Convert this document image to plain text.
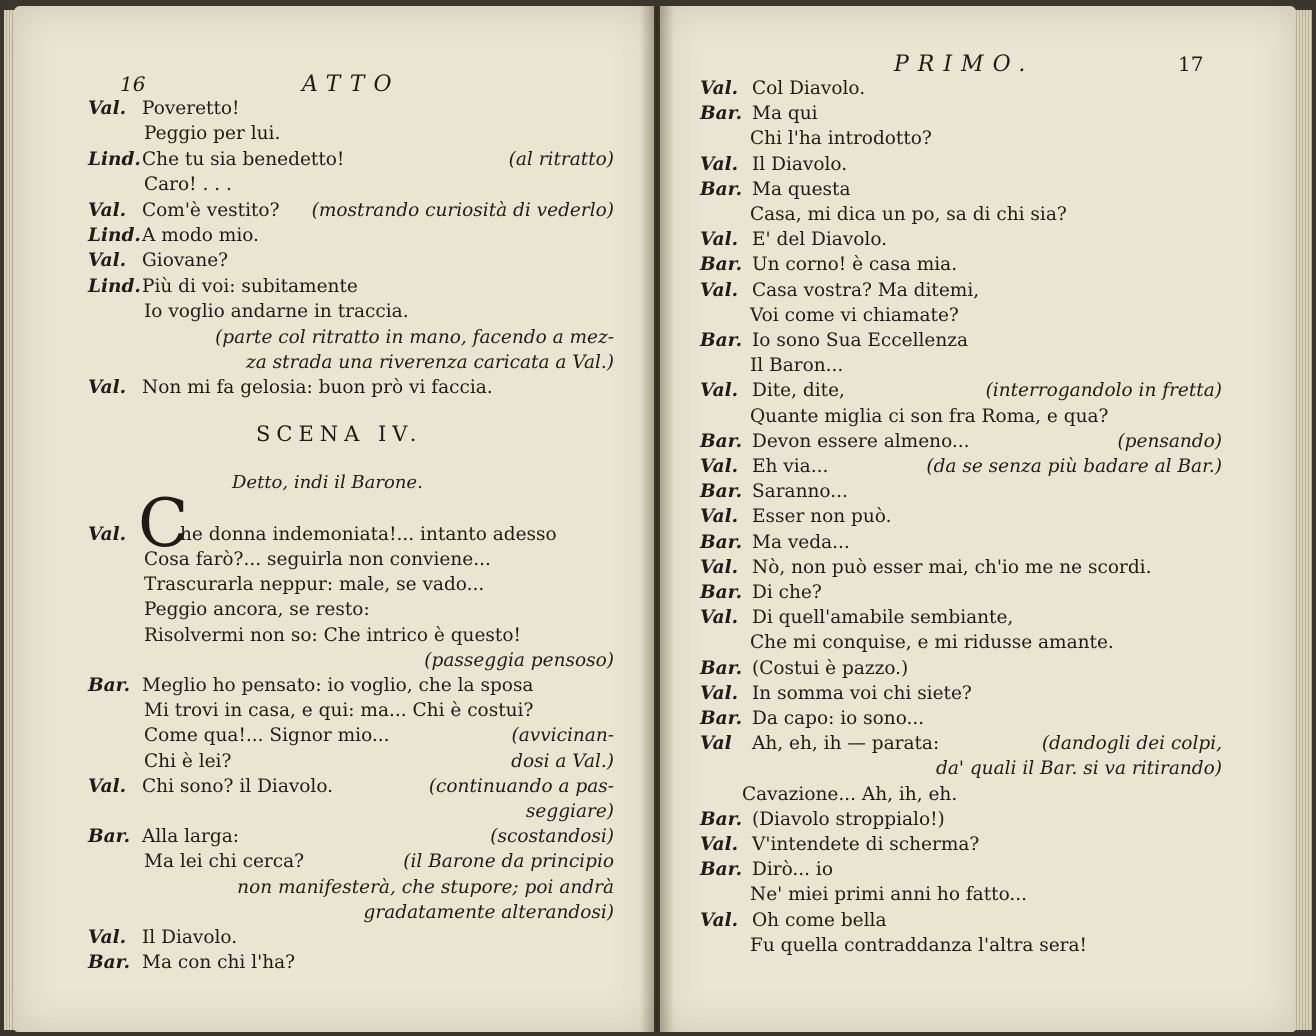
16	ATTO
Val. Poveretto!
Peggio per lui.
Lind. Che tu sia benedetto!	(al ritratto)
Caro! . . .
Val. Com'è vestito? (mostrando curiosità di vederlo)
Lind. A modo mio.
Val. Giovane?
Lind. Più di voi: subitamente
Io voglio andarne in traccia.
(parte col ritratto in mano, facendo a mez-
za strada una riverenza caricata a Val.)
Val. Non mi fa gelosia: buon prò vi faccia.
SCENA IV.
Detto, indi il Barone.
Val. C
he donna indemoniata!... intanto adesso
Cosa farò?... seguirla non conviene...
Trascurarla neppur: male, se vado...
Peggio ancora, se resto:
Risolvermi non so: Che intrico è questo!
(passeggia pensoso)
Bar. Meglio ho pensato: io voglio, che la sposa
Mi trovi in casa, e qui: ma... Chi è costui?
Come qua!... Signor mio...	(avvicinan-
Chi è lei?	dosi a Val.)
Val. Chi sono? il Diavolo.	(continuando a pas-
seggiare)
Bar. Alla larga:	(scostandosi)
Ma lei chi cerca?	(il Barone da principio
non manifesterà, che stupore; poi andrà
gradatamente alterandosi)
Val. Il Diavolo.
Bar. Ma con chi l'ha?
PRIMO.	17
Val. Col Diavolo.
Bar. Ma qui
Chi l'ha introdotto?
Val. Il Diavolo.
Bar. Ma questa
Casa, mi dica un po, sa di chi sia?
Val. E' del Diavolo.
Bar. Un corno! è casa mia.
Val. Casa vostra? Ma ditemi,
Voi come vi chiamate?
Bar. Io sono Sua Eccellenza
Il Baron...
Val. Dite, dite,	(interrogandolo in fretta)
Quante miglia ci son fra Roma, e qua?
Bar. Devon essere almeno...	(pensando)
Val. Eh via...	(da se senza più badare al Bar.)
Bar. Saranno...
Val. Esser non può.
Bar. Ma veda...
Val. Nò, non può esser mai, ch'io me ne scordi.
Bar. Di che?
Val. Di quell'amabile sembiante,
Che mi conquise, e mi ridusse amante.
Bar. (Costui è pazzo.)
Val. In somma voi chi siete?
Bar. Da capo: io sono...
Val Ah, eh, ih — parata:	(dandogli dei colpi,
da' quali il Bar. si va ritirando)
Cavazione... Ah, ih, eh.
Bar. (Diavolo stroppialo!)
Val. V'intendete di scherma?
Bar. Dirò... io
Ne' miei primi anni ho fatto...
Val. Oh come bella
Fu quella contraddanza l'altra sera!
